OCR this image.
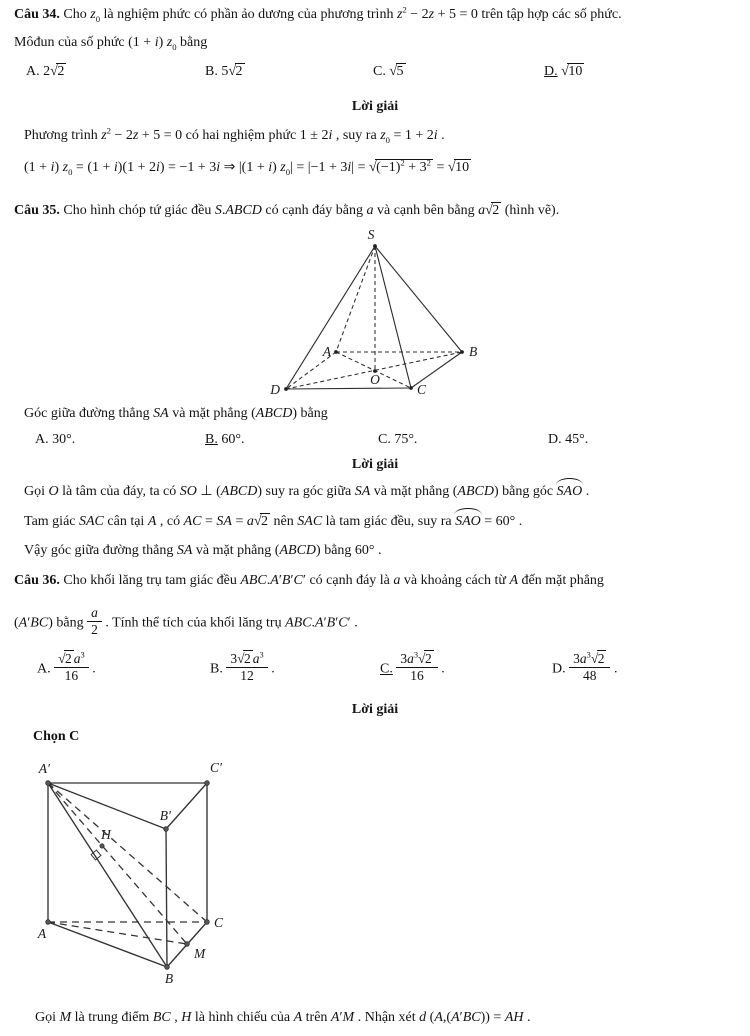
Câu 34. Cho $z_0$ là nghiệm phức có phần ảo dương của phương trình $z^2 - 2z + 5 = 0$ trên tập hợp các số phức.
Môđun của số phức (1 + i) $z_0$ bằng
A. 2√2	B. 5√2	C. √5	D. √10
Lời giải
Phương trình $z^2 - 2z + 5 = 0$ có hai nghiệm phức 1 ± 2i , suy ra $z_0 = 1 + 2i$ .
(1 + i) $z_0 = (1 + i)(1 + 2i) = -1 + 3i$ ⇒ |(1 + i) $z_0| = |-1 + 3i| = √(-1)^2 + 3^2 = √10$
Câu 35. Cho hình chóp tứ giác đều S.ABCD có cạnh đáy bằng a và cạnh bên bằng a√2 (hình vẽ).
S
A	B
C
D
O
Góc giữa đường thẳng SA và mặt phẳng (ABCD) bằng
A. 30°.	B. 60°.	C. 75°.	D. 45°.
Lời giải
Gọi O là tâm của đáy, ta có SO ⊥ (ABCD) suy ra góc giữa SA và mặt phẳng (ABCD) bằng góc SAO .
Tam giác SAC cân tại A , có AC = SA = a√2 nên SAC là tam giác đều, suy ra SAO = 60° .
Vậy góc giữa đường thẳng SA và mặt phẳng (ABCD) bằng 60° .
Câu 36. Cho khối lăng trụ tam giác đều ABC.A′B′C′ có cạnh đáy là a và khoảng cách từ A đến mặt phẳng
(A′BC) bằng $\frac{a}{2}$ . Tính thể tích của khối lăng trụ ABC.A′B′C′ .
A. $\frac{√2 a^3}{16}$ .	B. $\frac{3√2 a^3}{12}$ .	C. $\frac{3a^3√2}{16}$ .	D. $\frac{3a^3√2}{48}$ .
Lời giải
Chọn C
A′	C′
B′
H
A
C
M
B
Gọi M là trung điểm BC , H là hình chiếu của A trên A′M . Nhận xét d (A,(A′BC)) = AH .
